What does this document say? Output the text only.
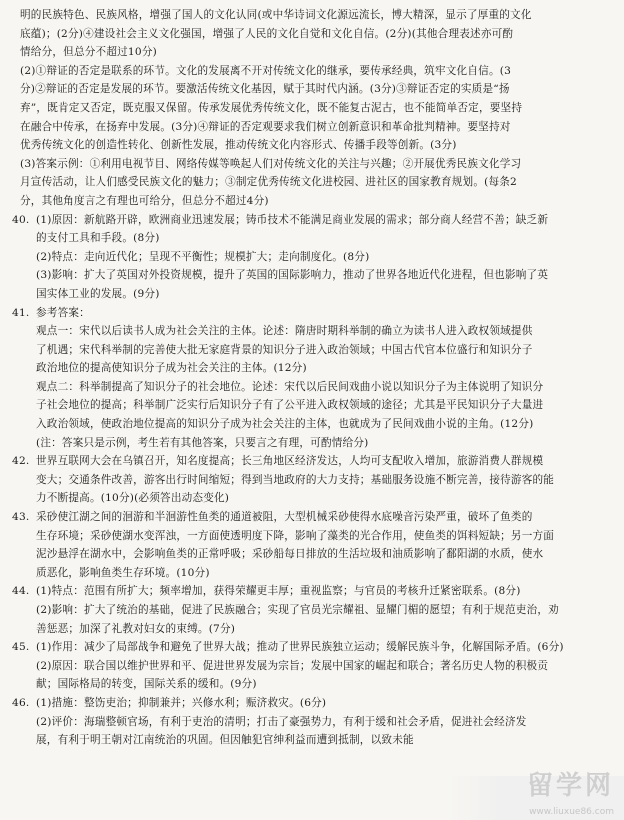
明的民族特色、民族风格，增强了国人的文化认同(或中华诗词文化源远流长，博大精深，显示了厚重的文化
底蕴)；(2分)④建设社会主义文化强国，增强了人民的文化自觉和文化自信。(2分)(其他合理表述亦可酌
情给分，但总分不超过10分)
(2)①辩证的否定是联系的环节。文化的发展离不开对传统文化的继承，要传承经典，筑牢文化自信。(3
分)②辩证的否定是发展的环节。要激活传统文化基因，赋于其时代内涵。(3分)③辩证否定的实质是“扬
弃”，既肯定又否定，既克服又保留。传承发展优秀传统文化，既不能复古泥古，也不能简单否定，要坚持
在融合中传承，在扬弃中发展。(3分)④辩证的否定观要求我们树立创新意识和革命批判精神。要坚持对
优秀传统文化的创造性转化、创新性发展，推动传统文化内容形式、传播手段等创新。(3分)
(3)答案示例：①利用电视节目、网络传媒等唤起人们对传统文化的关注与兴趣；②开展优秀民族文化学习
月宣传活动，让人们感受民族文化的魅力；③制定优秀传统文化进校园、进社区的国家教育规划。(每条2
分，其他角度言之有理也可给分，但总分不超过4分)
40. (1)原因：新航路开辟，欧洲商业迅速发展；铸币技术不能满足商业发展的需求；部分商人经营不善；缺乏新
的支付工具和手段。(8分)
(2)特点：走向近代化；呈现不平衡性；规模扩大；走向制度化。(8分)
(3)影响：扩大了英国对外投资规模，提升了英国的国际影响力，推动了世界各地近代化进程，但也影响了英
国实体工业的发展。(9分)
41. 参考答案：
观点一：宋代以后读书人成为社会关注的主体。论述：隋唐时期科举制的确立为读书人进入政权领域提供
了机遇；宋代科举制的完善使大批无家庭背景的知识分子进入政治领域；中国古代官本位盛行和知识分子
政治地位的提高使知识分子成为社会关注的主体。(12分)
观点二：科举制提高了知识分子的社会地位。论述：宋代以后民间戏曲小说以知识分子为主体说明了知识分
子社会地位的提高；科举制广泛实行后知识分子有了公平进入政权领域的途径；尤其是平民知识分子大量进
入政治领域，使政治地位提高的知识分子成为社会关注的主体，也就成为了民间戏曲小说的主角。(12分)
(注：答案只是示例，考生若有其他答案，只要言之有理，可酌情给分)
42. 世界互联网大会在乌镇召开，知名度提高；长三角地区经济发达，人均可支配收入增加，旅游消费人群规模
变大；交通条件改善，游客出行时间缩短；得到当地政府的大力支持；基础服务设施不断完善，接待游客的能
力不断提高。(10分)(必须答出动态变化)
43. 采砂使江湖之间的洄游和半洄游性鱼类的通道被阻，大型机械采砂使得水底噪音污染严重，破坏了鱼类的
生存环境；采砂使湖水变浑浊，一方面使透明度下降，影响了藻类的光合作用，使鱼类的饵料短缺；另一方面
泥沙悬浮在湖水中，会影响鱼类的正常呼吸；采砂船每日排放的生活垃圾和油质影响了鄱阳湖的水质，使水
质恶化，影响鱼类生存环境。(10分)
44. (1)特点：范围有所扩大；频率增加，获得荣耀更丰厚；重视监察；与官员的考核升迁紧密联系。(8分)
(2)影响：扩大了统治的基础，促进了民族融合；实现了官员光宗耀祖、显耀门楣的愿望；有利于规范吏治，劝
善惩恶；加深了礼教对妇女的束缚。(7分)
45. (1)作用：减少了局部战争和避免了世界大战；推动了世界民族独立运动；缓解民族斗争，化解国际矛盾。(6分)
(2)原因：联合国以维护世界和平、促进世界发展为宗旨；发展中国家的崛起和联合；著名历史人物的积极贡
献；国际格局的转变，国际关系的缓和。(9分)
46. (1)措施：整饬吏治；抑制兼并；兴修水利；赈济救灾。(6分)
(2)评价：海瑞整顿官场，有利于吏治的清明；打击了豪强势力，有利于缓和社会矛盾，促进社会经济发
展，有利于明王朝对江南统治的巩固。但因触犯官绅利益而遭到抵制，以致未能
留学网
www.liuxue86.com
